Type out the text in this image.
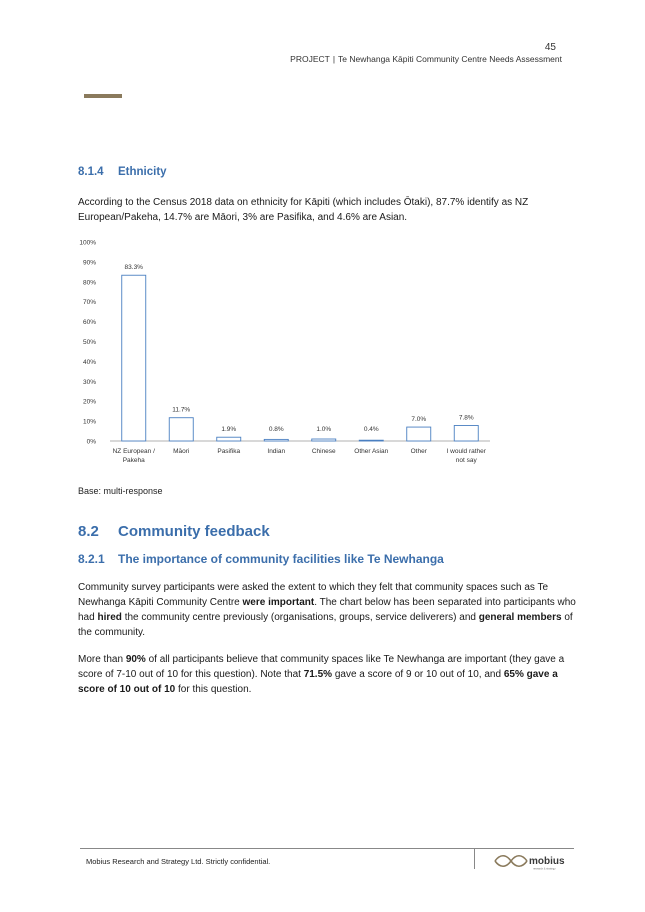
45
PROJECT | Te Newhanga Kāpiti Community Centre Needs Assessment
8.1.4 Ethnicity

According to the Census 2018 data on ethnicity for Kāpiti (which includes Ōtaki), 87.7% identify as NZ European/Pakeha, 14.7% are Māori, 3% are Pasifika, and 4.6% are Asian.

0%
10%
20%
30%
40%
50%
60%
70%
80%
90%
100%
83.3%
NZ European /
Pakeha
11.7%
Māori
1.9%
Pasifika
0.8%
Indian
1.0%
Chinese
0.4%
Other Asian
7.0%
Other
7.8%
I would rather
not say
Base: multi-response
8.2 Community feedback
8.2.1 The importance of community facilities like Te Newhanga

Community survey participants were asked the extent to which they felt that community spaces such as Te Newhanga Kāpiti Community Centre were important. The chart below has been separated into participants who had hired the community centre previously (organisations, groups, service deliverers) and general members of the community.

More than 90% of all participants believe that community spaces like Te Newhanga are important (they gave a score of 7-10 out of 10 for this question). Note that 71.5% gave a score of 9 or 10 out of 10, and 65% gave a score of 10 out of 10 for this question.

Mobius Research and Strategy Ltd. Strictly confidential.	mobius
research & strategy
